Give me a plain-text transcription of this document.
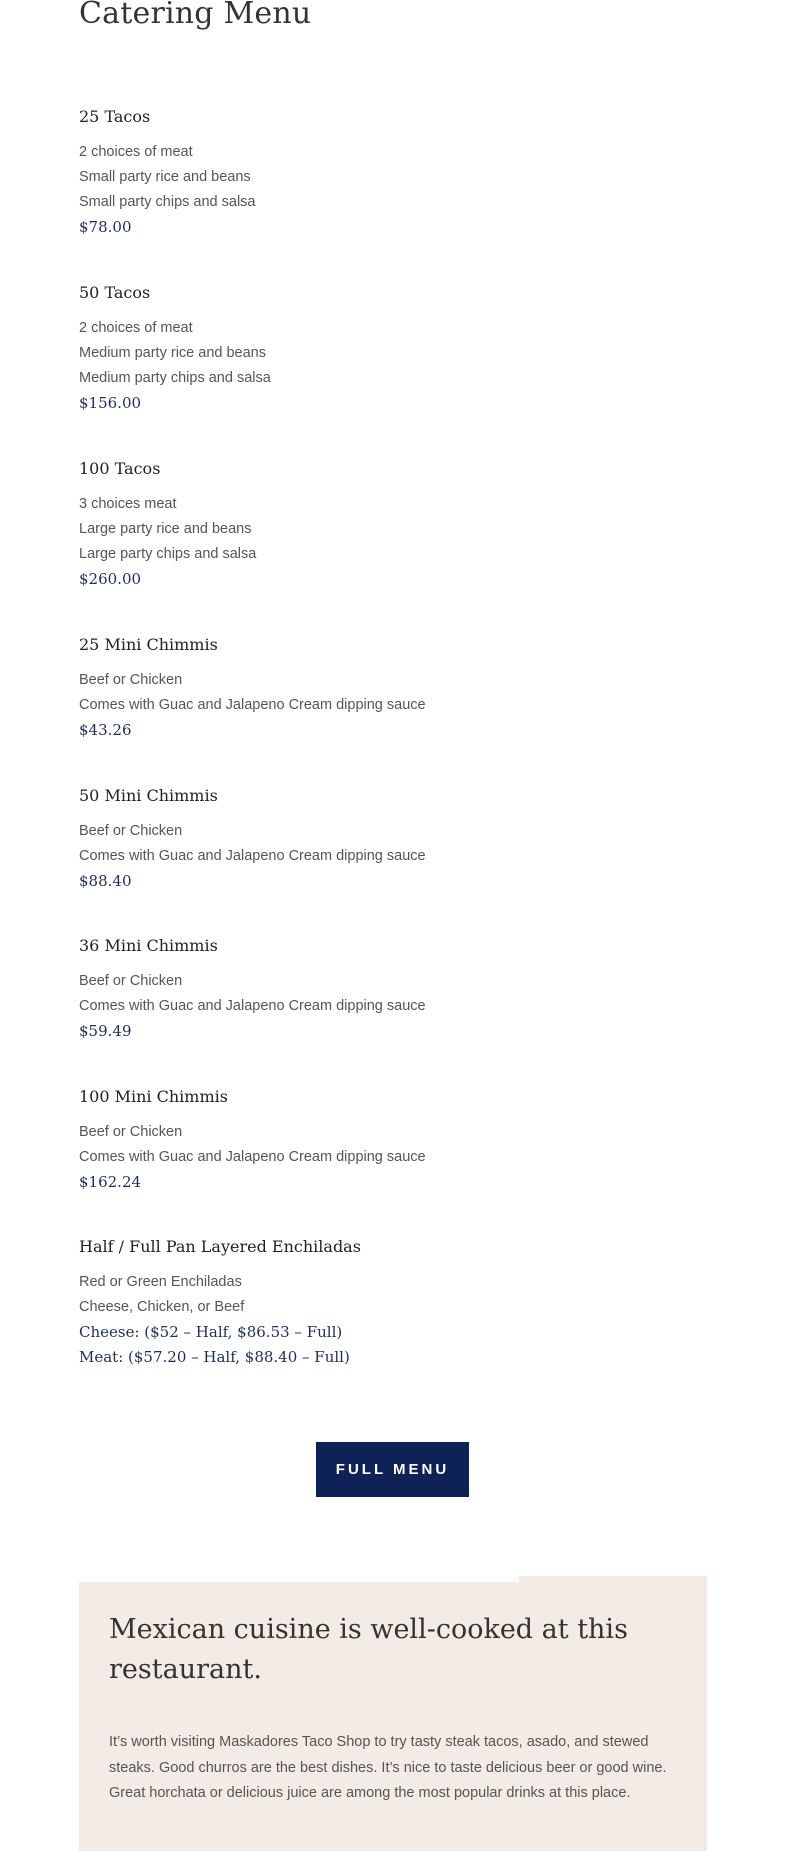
Catering Menu
25 Tacos
2 choices of meat
Small party rice and beans
Small party chips and salsa
$78.00
50 Tacos
2 choices of meat
Medium party rice and beans
Medium party chips and salsa
$156.00
100 Tacos
3 choices meat
Large party rice and beans
Large party chips and salsa
$260.00
25 Mini Chimmis
Beef or Chicken
Comes with Guac and Jalapeno Cream dipping sauce
$43.26
50 Mini Chimmis
Beef or Chicken
Comes with Guac and Jalapeno Cream dipping sauce
$88.40
36 Mini Chimmis
Beef or Chicken
Comes with Guac and Jalapeno Cream dipping sauce
$59.49
100 Mini Chimmis
Beef or Chicken
Comes with Guac and Jalapeno Cream dipping sauce
$162.24
Half / Full Pan Layered Enchiladas
Red or Green Enchiladas
Cheese, Chicken, or Beef
Cheese: ($52 – Half, $86.53 – Full)
Meat: ($57.20 – Half, $88.40 – Full)
FULL MENU
Mexican cuisine is well-cooked at this restaurant.

It’s worth visiting Maskadores Taco Shop to try tasty steak tacos, asado, and stewed steaks. Good churros are the best dishes. It’s nice to taste delicious beer or good wine. Great horchata or delicious juice are among the most popular drinks at this place.
